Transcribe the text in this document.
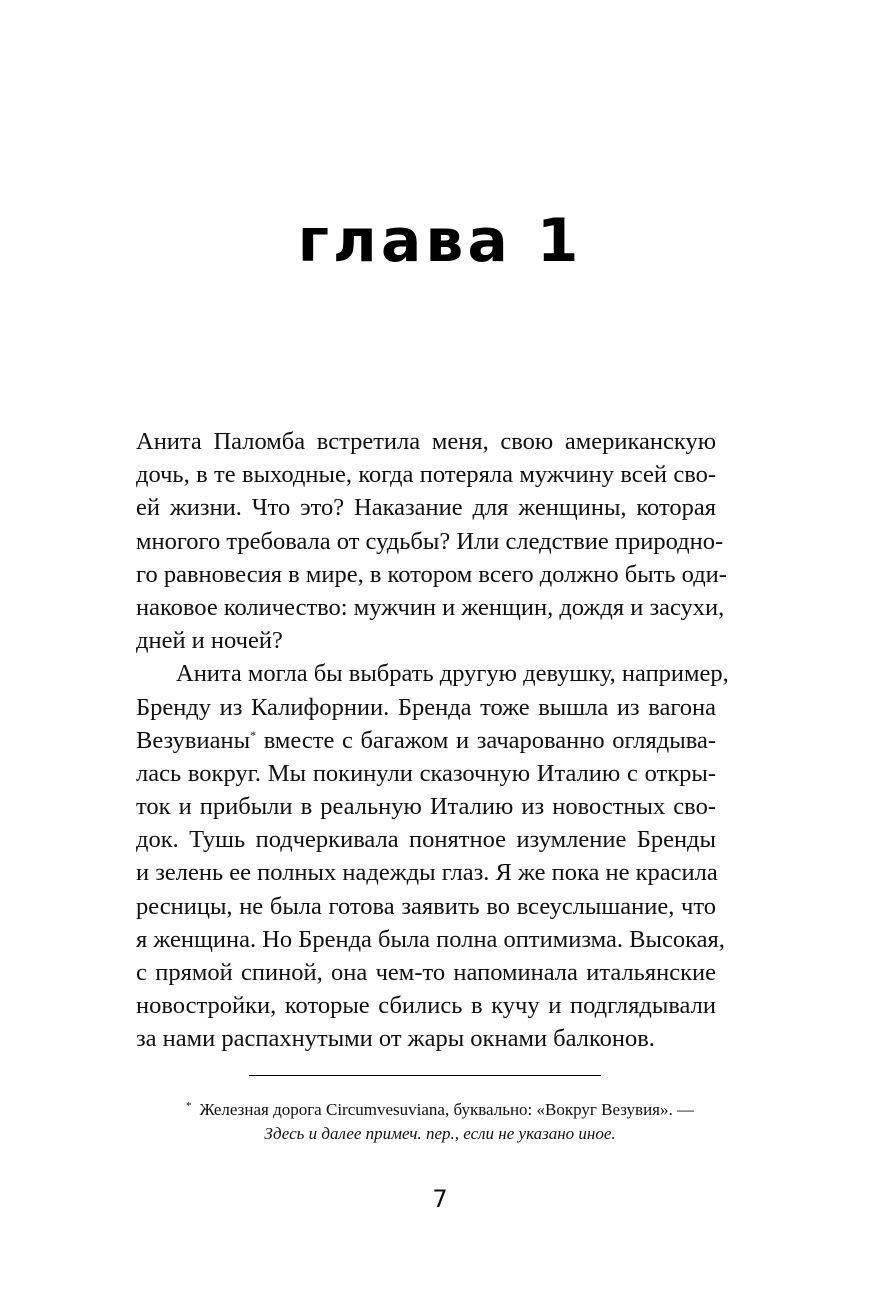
глава 1
Анита Паломба встретила меня, свою американскую
дочь, в те выходные, когда потеряла мужчину всей сво-
ей жизни. Что это? Наказание для женщины, которая
многого требовала от судьбы? Или следствие природно-
го равновесия в мире, в котором всего должно быть оди-
наковое количество: мужчин и женщин, дождя и засухи,
дней и ночей?
Анита могла бы выбрать другую девушку, например,
Бренду из Калифорнии. Бренда тоже вышла из вагона
Везувианы* вместе с багажом и зачарованно оглядыва-
лась вокруг. Мы покинули сказочную Италию с откры-
ток и прибыли в реальную Италию из новостных сво-
док. Тушь подчеркивала понятное изумление Бренды
и зелень ее полных надежды глаз. Я же пока не красила
ресницы, не была готова заявить во всеуслышание, что
я женщина. Но Бренда была полна оптимизма. Высокая,
с прямой спиной, она чем-то напоминала итальянские
новостройки, которые сбились в кучу и подглядывали
за нами распахнутыми от жары окнами балконов.
* Железная дорога Circumvesuviana, буквально: «Вокруг Везувия». —
Здесь и далее примеч. пер., если не указано иное.
7
